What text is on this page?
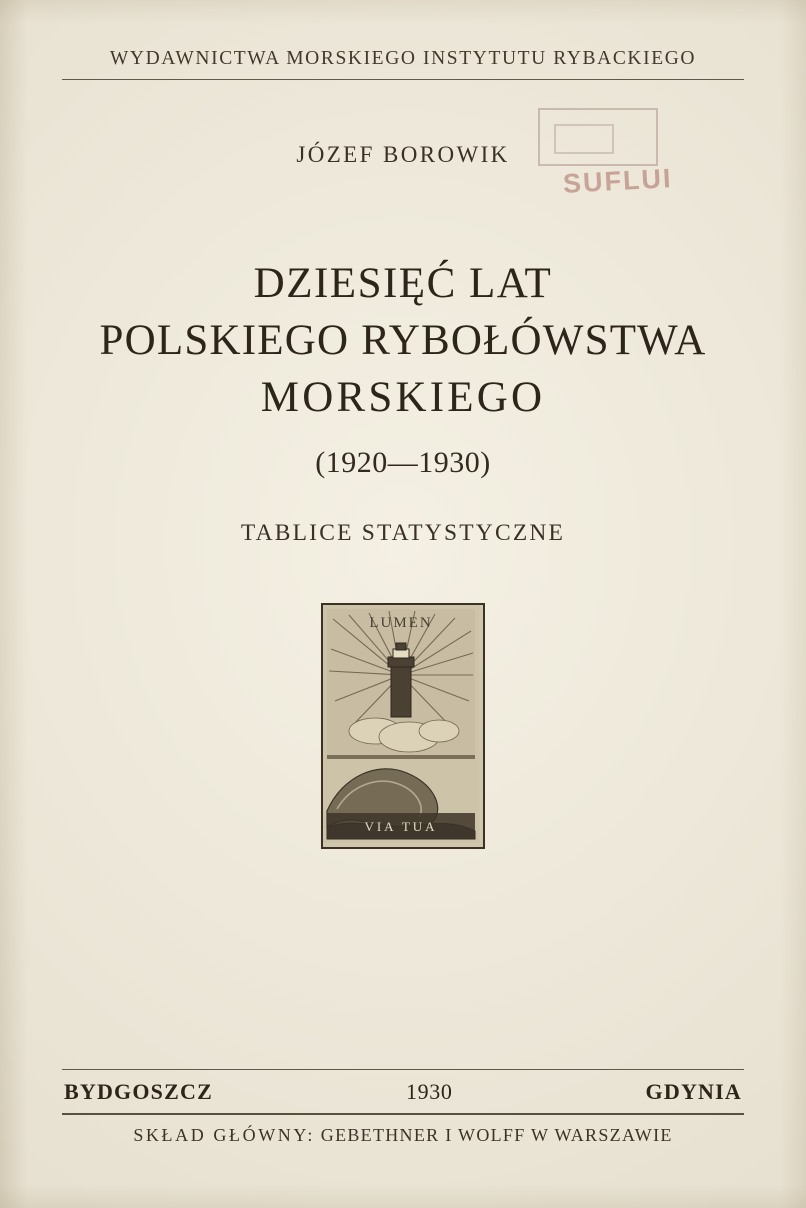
WYDAWNICTWA MORSKIEGO INSTYTUTU RYBACKIEGO
JÓZEF BOROWIK
SUFLUI
DZIESIĘĆ LAT
POLSKIEGO RYBOŁÓWSTWA
MORSKIEGO
(1920—1930)
TABLICE STATYSTYCZNE
LUMEN
VIA TUA
BYDGOSZCZ	1930	GDYNIA
SKŁAD GŁÓWNY: GEBETHNER I WOLFF W WARSZAWIE
